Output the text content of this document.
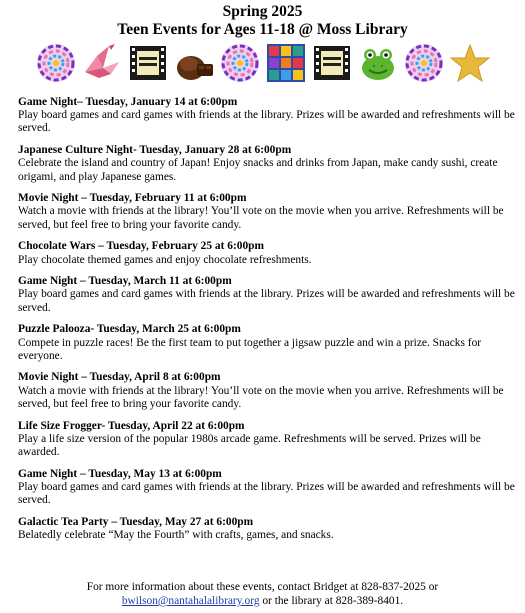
Spring 2025

Teen Events for Ages 11-18 @ Moss Library

Game Night– Tuesday, January 14 at 6:00pm
Play board games and card games with friends at the library. Prizes will be awarded and refreshments will be served.
Japanese Culture Night- Tuesday, January 28 at 6:00pm
Celebrate the island and country of Japan! Enjoy snacks and drinks from Japan, make candy sushi, create origami, and play Japanese games.
Movie Night – Tuesday, February 11 at 6:00pm
Watch a movie with friends at the library! You’ll vote on the movie when you arrive. Refreshments will be served, but feel free to bring your favorite candy.
Chocolate Wars – Tuesday, February 25 at 6:00pm
Play chocolate themed games and enjoy chocolate refreshments.
Game Night – Tuesday, March 11 at 6:00pm
Play board games and card games with friends at the library. Prizes will be awarded and refreshments will be served.
Puzzle Palooza- Tuesday, March 25 at 6:00pm
Compete in puzzle races! Be the first team to put together a jigsaw puzzle and win a prize. Snacks for everyone.
Movie Night – Tuesday, April 8 at 6:00pm
Watch a movie with friends at the library! You’ll vote on the movie when you arrive. Refreshments will be served, but feel free to bring your favorite candy.
Life Size Frogger- Tuesday, April 22 at 6:00pm
Play a life size version of the popular 1980s arcade game. Refreshments will be served. Prizes will be awarded.
Game Night – Tuesday, May 13 at 6:00pm
Play board games and card games with friends at the library. Prizes will be awarded and refreshments will be served.
Galactic Tea Party – Tuesday, May 27 at 6:00pm
Belatedly celebrate “May the Fourth” with crafts, games, and snacks.
For more information about these events, contact Bridget at 828-837-2025 or
bwilson@nantahalalibrary.org or the library at 828-389-8401.
